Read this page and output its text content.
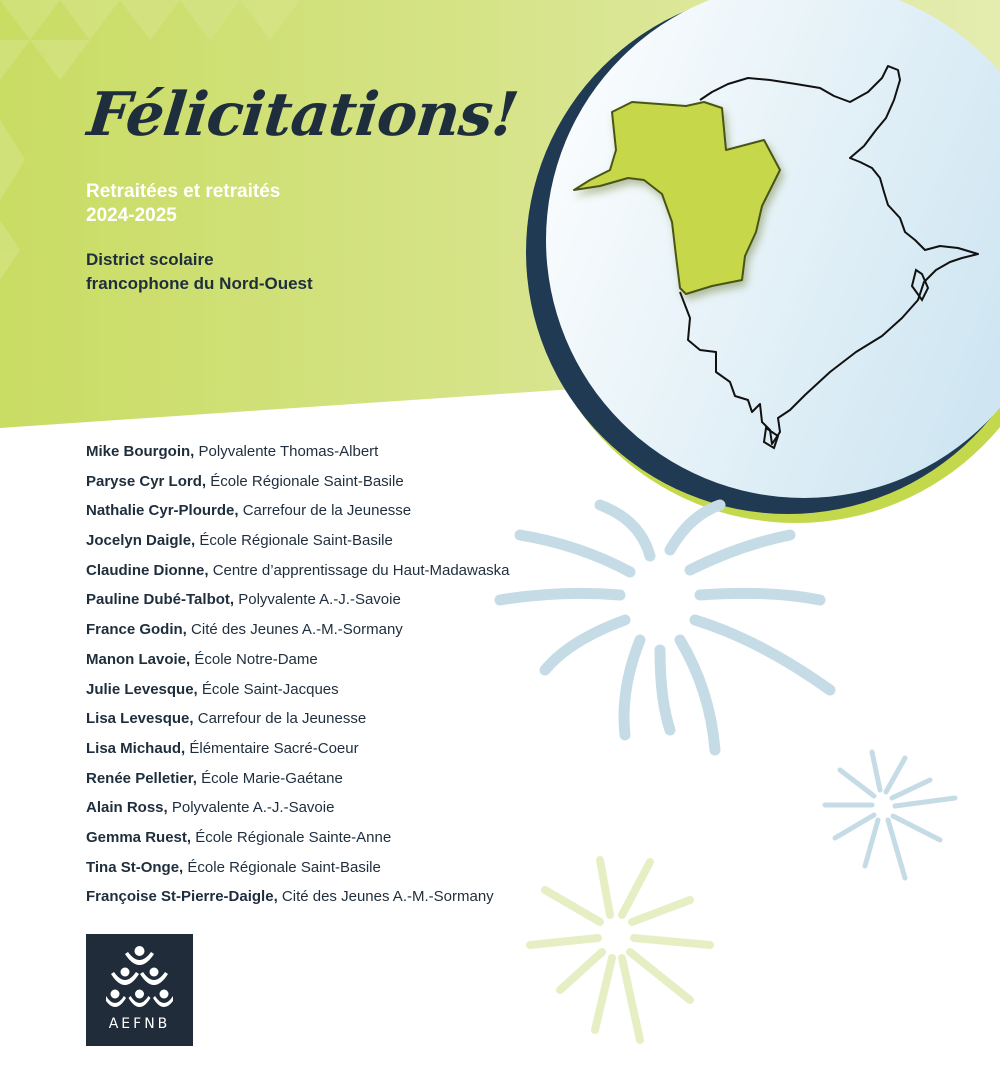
Félicitations!
Retraitées et retraités
2024-2025
District scolaire
francophone du Nord-Ouest
Mike Bourgoin, Polyvalente Thomas-Albert
Paryse Cyr Lord, École Régionale Saint-Basile
Nathalie Cyr-Plourde, Carrefour de la Jeunesse
Jocelyn Daigle, École Régionale Saint-Basile
Claudine Dionne, Centre d’apprentissage du Haut-Madawaska
Pauline Dubé-Talbot, Polyvalente A.-J.-Savoie
France Godin, Cité des Jeunes A.-M.-Sormany
Manon Lavoie, École Notre-Dame
Julie Levesque, École Saint-Jacques
Lisa Levesque, Carrefour de la Jeunesse
Lisa Michaud, Élémentaire Sacré-Coeur
Renée Pelletier, École Marie-Gaétane
Alain Ross, Polyvalente A.-J.-Savoie
Gemma Ruest, École Régionale Sainte-Anne
Tina St-Onge, École Régionale Saint-Basile
Françoise St-Pierre-Daigle, Cité des Jeunes A.-M.-Sormany
AEFNB
